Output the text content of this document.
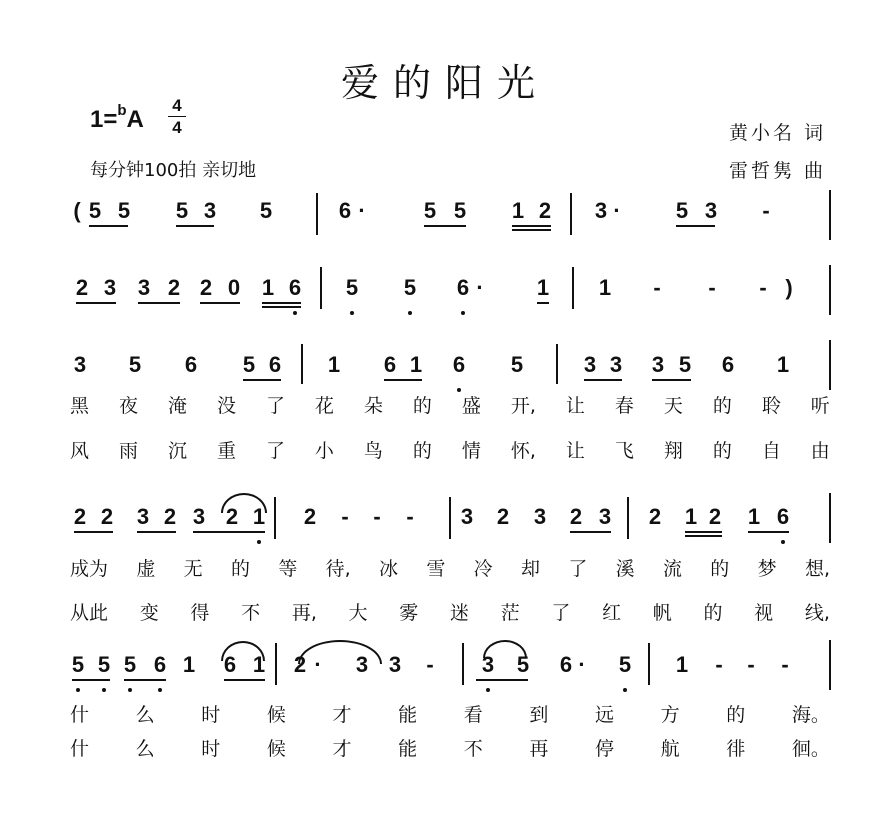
爱的阳光
1=$^b$A
4
4
每分钟100拍 亲切地
黄小名 词
雷哲隽 曲
( 5 5 5 3 5	6 ·	5 5 1 2 3 ·	5 3	-
2 3 3 2 2 0 1 6 5 5 6 ·	1 1	-	-	- )
3 5 6 5 6 1 6 1 6 5	3 3 3 5 6 1
黑 夜 淹 没 了 花 朵 的 盛 开, 让 春 天 的 聆 听
风 雨 沉 重 了 小 鸟 的 情 怀, 让 飞 翔 的 自 由
2 2 3 2 3 2 1 2	-	-	-	3 2 3 2 3 2 1 2 1 6
成为 虚 无 的 等 待, 冰 雪 冷 却 了 溪 流 的 梦 想,
从此 变 得 不 再, 大 雾 迷 茫 了 红 帆 的 视 线,
5 5 5 6 1 6 1 2 ·	3 3	-	3 5 6 ·	5 1	-	-	-
什 么 时 候 才 能 看 到 远 方 的 海。
什 么 时 候 才 能 不 再 停 航 徘 徊。
